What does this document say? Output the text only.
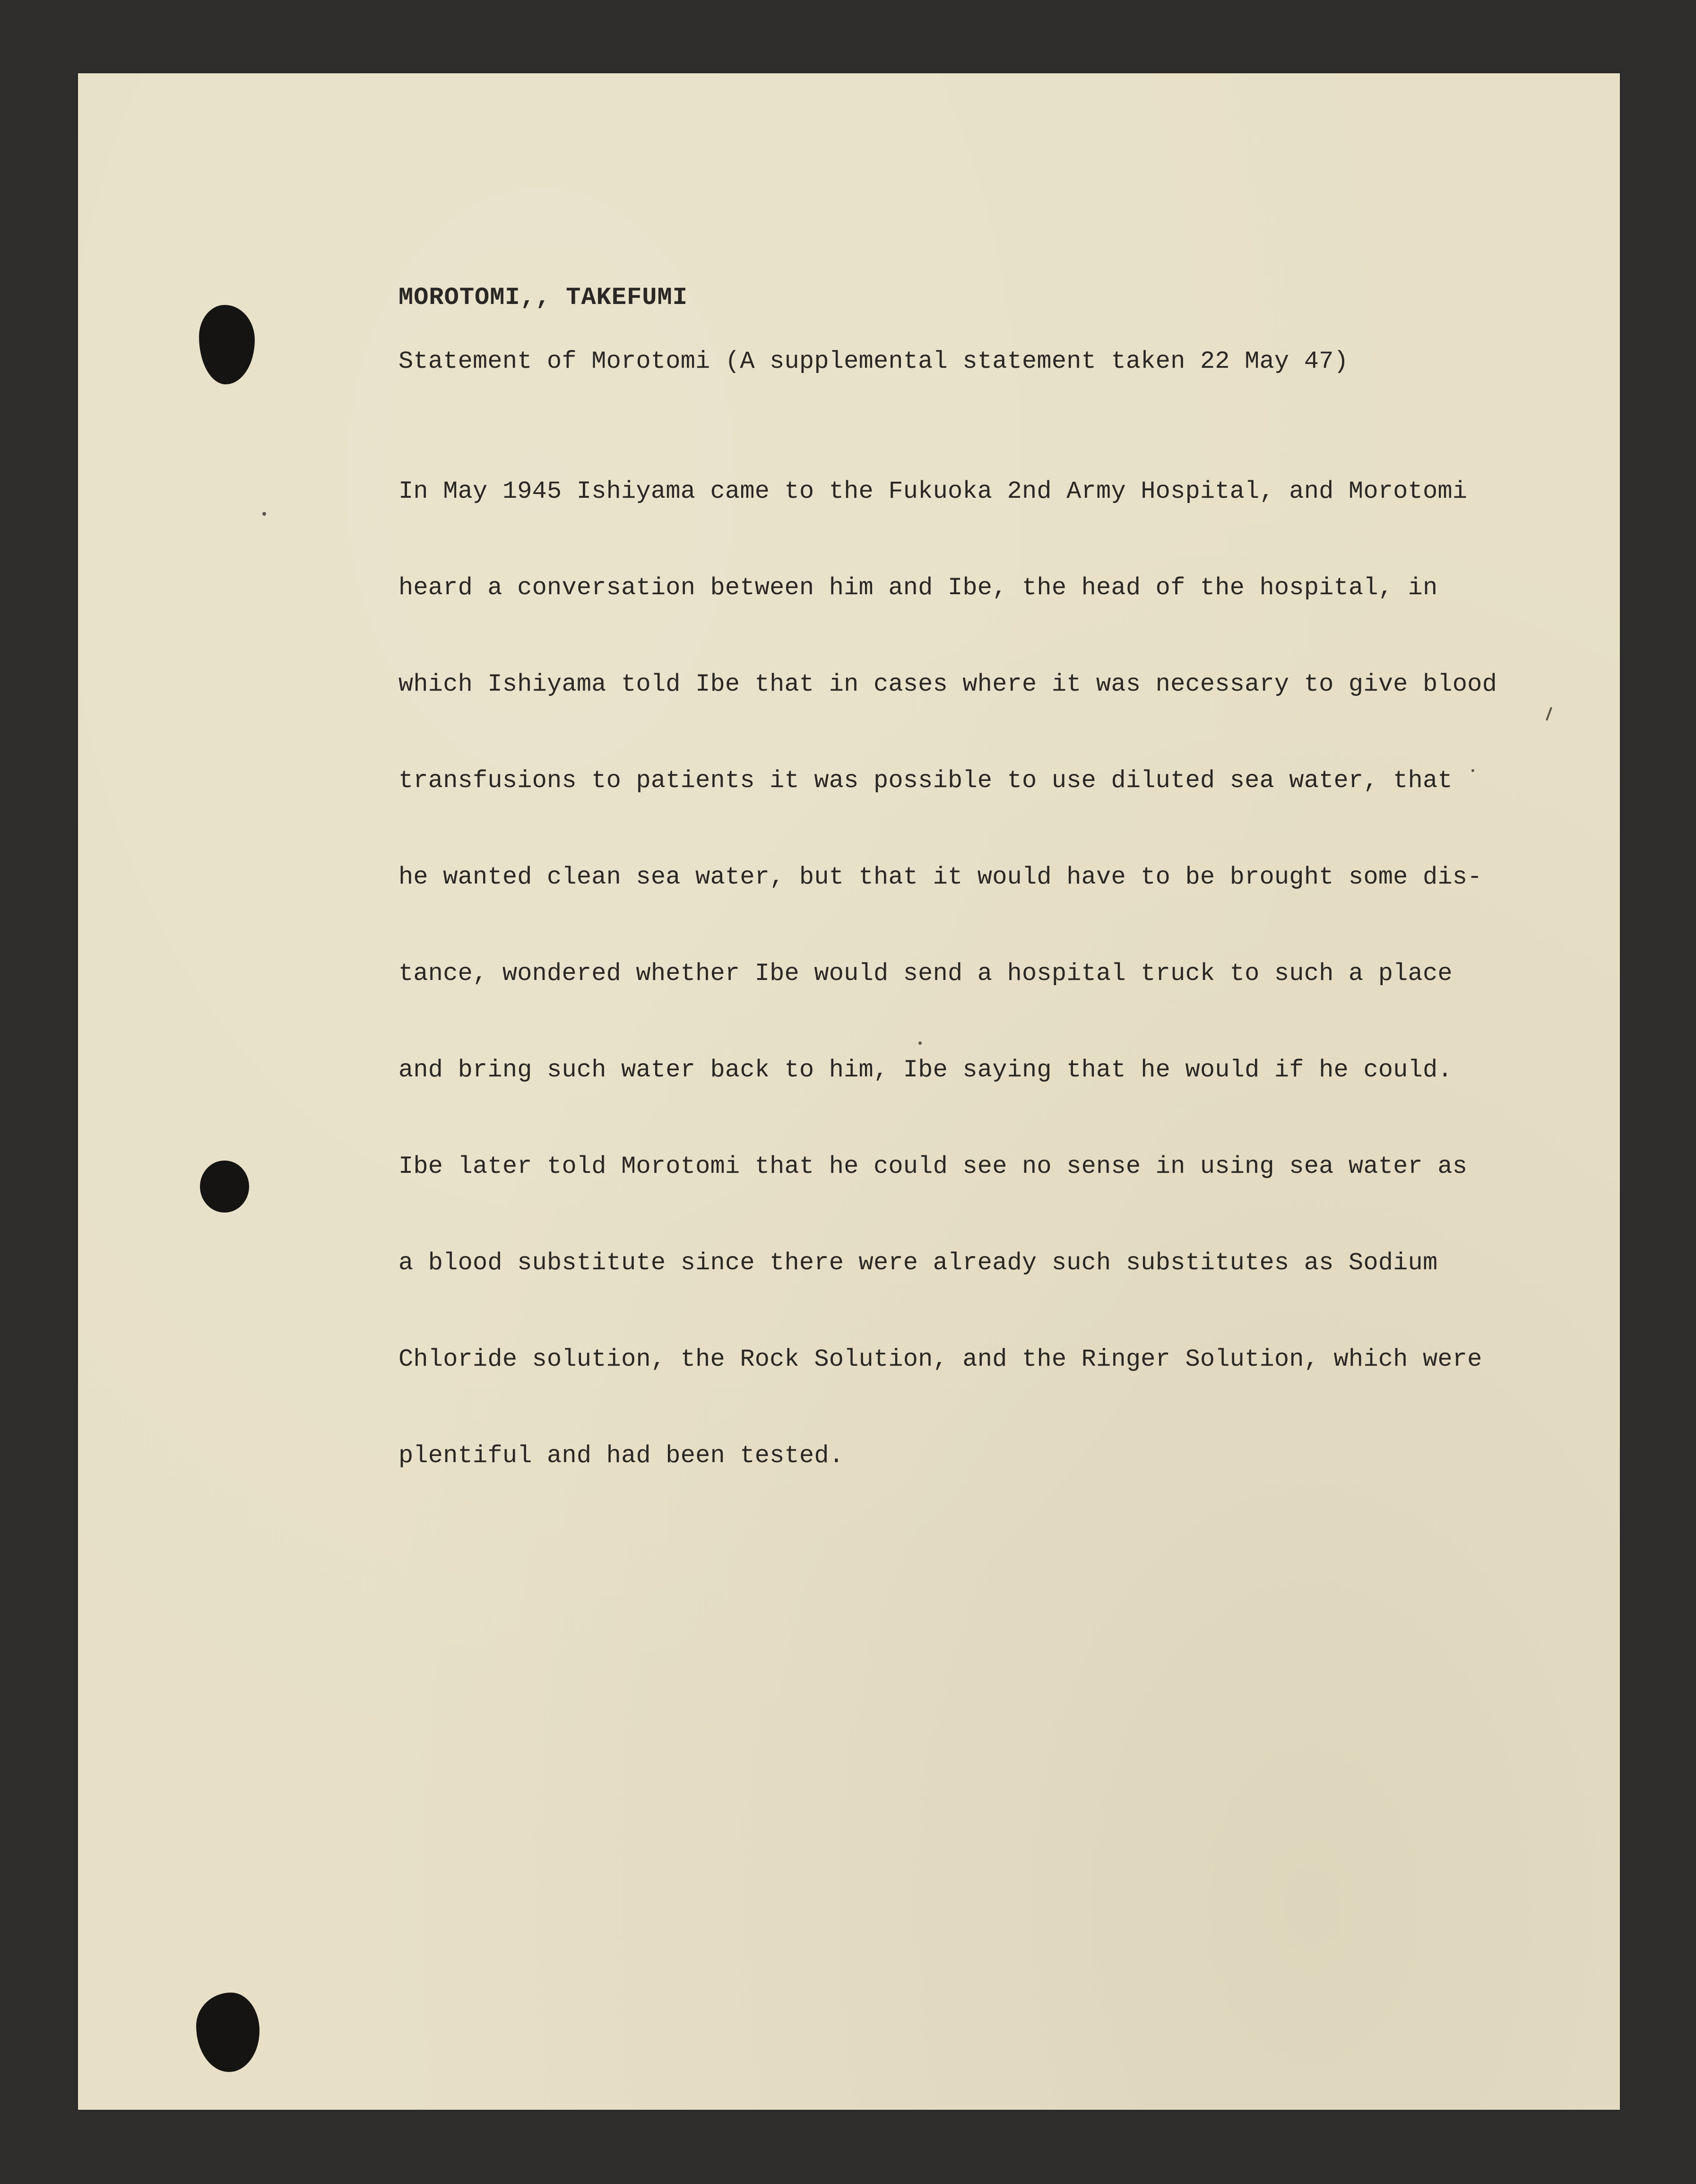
MOROTOMI,, TAKEFUMI
Statement of Morotomi (A supplemental statement taken 22 May 47)

In May 1945 Ishiyama came to the Fukuoka 2nd Army Hospital, and Morotomi

heard a conversation between him and Ibe, the head of the hospital, in

which Ishiyama told Ibe that in cases where it was necessary to give blood

transfusions to patients it was possible to use diluted sea water, that

he wanted clean sea water, but that it would have to be brought some dis-

tance, wondered whether Ibe would send a hospital truck to such a place

and bring such water back to him, Ibe saying that he would if he could.

Ibe later told Morotomi that he could see no sense in using sea water as

a blood substitute since there were already such substitutes as Sodium

Chloride solution, the Rock Solution, and the Ringer Solution, which were

plentiful and had been tested.
